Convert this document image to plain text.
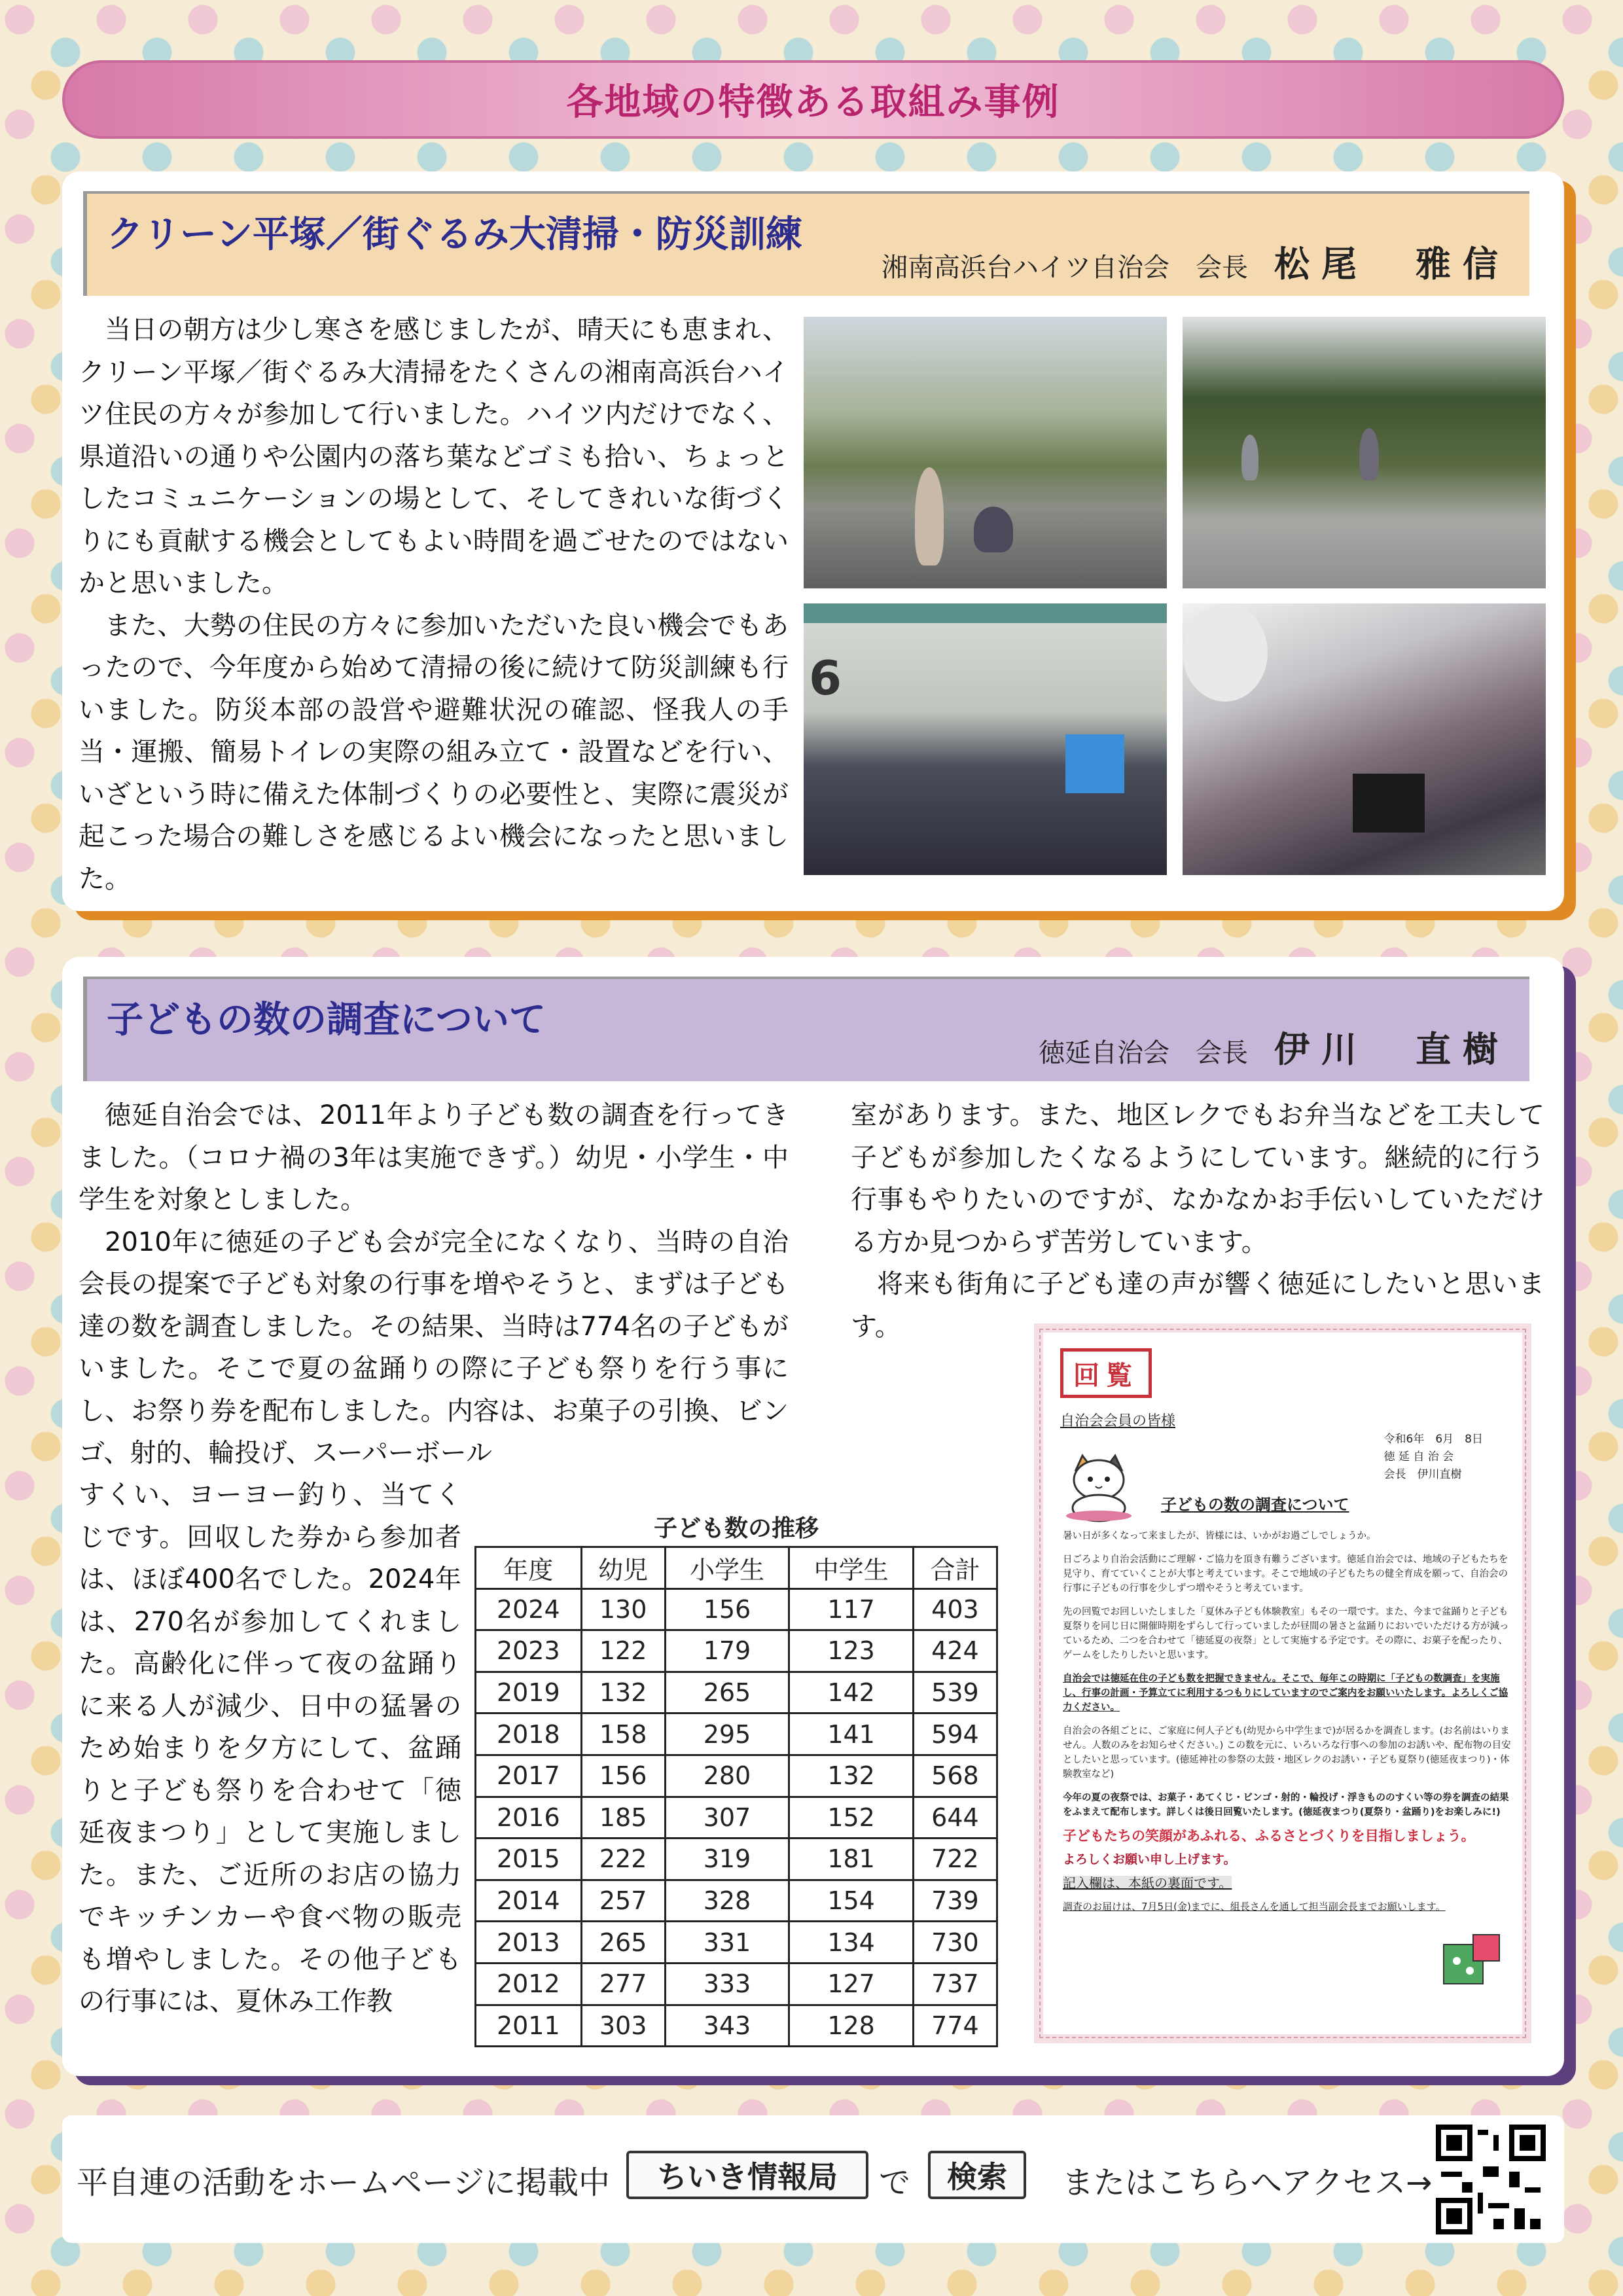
各地域の特徴ある取組み事例
クリーン平塚／街ぐるみ大清掃・防災訓練
湘南高浜台ハイツ自治会　会長 松尾　雅信

当日の朝方は少し寒さを感じましたが、晴天にも恵まれ、クリーン平塚／街ぐるみ大清掃をたくさんの湘南高浜台ハイツ住民の方々が参加して行いました。ハイツ内だけでなく、県道沿いの通りや公園内の落ち葉などゴミも拾い、ちょっとしたコミュニケーションの場として、そしてきれいな街づくりにも貢献する機会としてもよい時間を過ごせたのではないかと思いました。

また、大勢の住民の方々に参加いただいた良い機会でもあったので、今年度から始めて清掃の後に続けて防災訓練も行いました。防災本部の設営や避難状況の確認、怪我人の手当・運搬、簡易トイレの実際の組み立て・設置などを行い、いざという時に備えた体制づくりの必要性と、実際に震災が起こった場合の難しさを感じるよい機会になったと思いました。

6
子どもの数の調査について
徳延自治会　会長 伊川　直樹

徳延自治会では、2011年より子ども数の調査を行ってきました。（コロナ禍の3年は実施できず。）幼児・小学生・中学生を対象としました。

2010年に徳延の子ども会が完全になくなり、当時の自治会長の提案で子ども対象の行事を増やそうと、まずは子ども達の数を調査しました。その結果、当時は774名の子どもがいました。そこで夏の盆踊りの際に子ども祭りを行う事にし、お祭り券を配布しました。内容は、お菓子の引換、ビンゴ、射的、輪投げ、スーパーボール

すくい、ヨーヨー釣り、当てくじです。回収した券から参加者は、ほぼ400名でした。2024年は、270名が参加してくれました。高齢化に伴って夜の盆踊りに来る人が減少、日中の猛暑のため始まりを夕方にして、盆踊りと子ども祭りを合わせて「徳延夜まつり」として実施しました。また、ご近所のお店の協力でキッチンカーや食べ物の販売も増やしました。その他子どもの行事には、夏休み工作教

室があります。また、地区レクでもお弁当などを工夫して子どもが参加したくなるようにしています。継続的に行う行事もやりたいのですが、なかなかお手伝いしていただける方か見つからず苦労しています。

将来も街角に子ども達の声が響く徳延にしたいと思います。

子ども数の推移
年度	幼児	小学生	中学生	合計
2024	130	156	117	403
2023	122	179	123	424
2019	132	265	142	539
2018	158	295	141	594
2017	156	280	132	568
2016	185	307	152	644
2015	222	319	181	722
2014	257	328	154	739
2013	265	331	134	730
2012	277	333	127	737
2011	303	343	128	774
回覧
自治会会員の皆様
令和6年　6月　8日
徳 延 自 治 会
会長　伊川直樹
子どもの数の調査について

暑い日が多くなって来ましたが、皆様には、いかがお過ごしでしょうか。

日ごろより自治会活動にご理解・ご協力を頂き有難うございます。徳延自治会では、地域の子どもたちを見守り、育てていくことが大事と考えています。そこで地域の子どもたちの健全育成を願って、自治会の行事に子どもの行事を少しずつ増やそうと考えています。

先の回覧でお回しいたしました「夏休み子ども体験教室」もその一環です。また、今まで盆踊りと子ども夏祭りを同じ日に開催時期をずらして行っていましたが昼間の暑さと盆踊りにおいでいただける方が減っているため、二つを合わせて「徳延夏の夜祭」として実施する予定です。その際に、お菓子を配ったり、ゲームをしたりしたいと思います。

自治会では徳延在住の子ども数を把握できません。そこで、毎年この時期に「子どもの数調査」を実施し、行事の計画・予算立てに利用するつもりにしていますのでご案内をお願いいたします。よろしくご協力ください。

自治会の各組ごとに、ご家庭に何人子ども(幼児から中学生まで)が居るかを調査します。(お名前はいりません。人数のみをお知らせください。) この数を元に、いろいろな行事への参加のお誘いや、配布物の目安としたいと思っています。(徳延神社の参祭の太鼓・地区レクのお誘い・子ども夏祭り(徳延夜まつり)・体験教室など)

今年の夏の夜祭では、お菓子・あてくじ・ビンゴ・射的・輪投げ・浮きもののすくい等の券を調査の結果をふまえて配布します。詳しくは後日回覧いたします。(徳延夜まつり(夏祭り・盆踊り)をお楽しみに!)

子どもたちの笑顔があふれる、ふるさとづくりを目指しましょう。

よろしくお願い申し上げます。

記入欄は、本紙の裏面です。

調査のお届けは、7月5日(金)までに、組長さんを通して担当副会長までお願いします。

平自連の活動をホームページに掲載中	ちいき情報局	で	検索	またはこちらへアクセス→
